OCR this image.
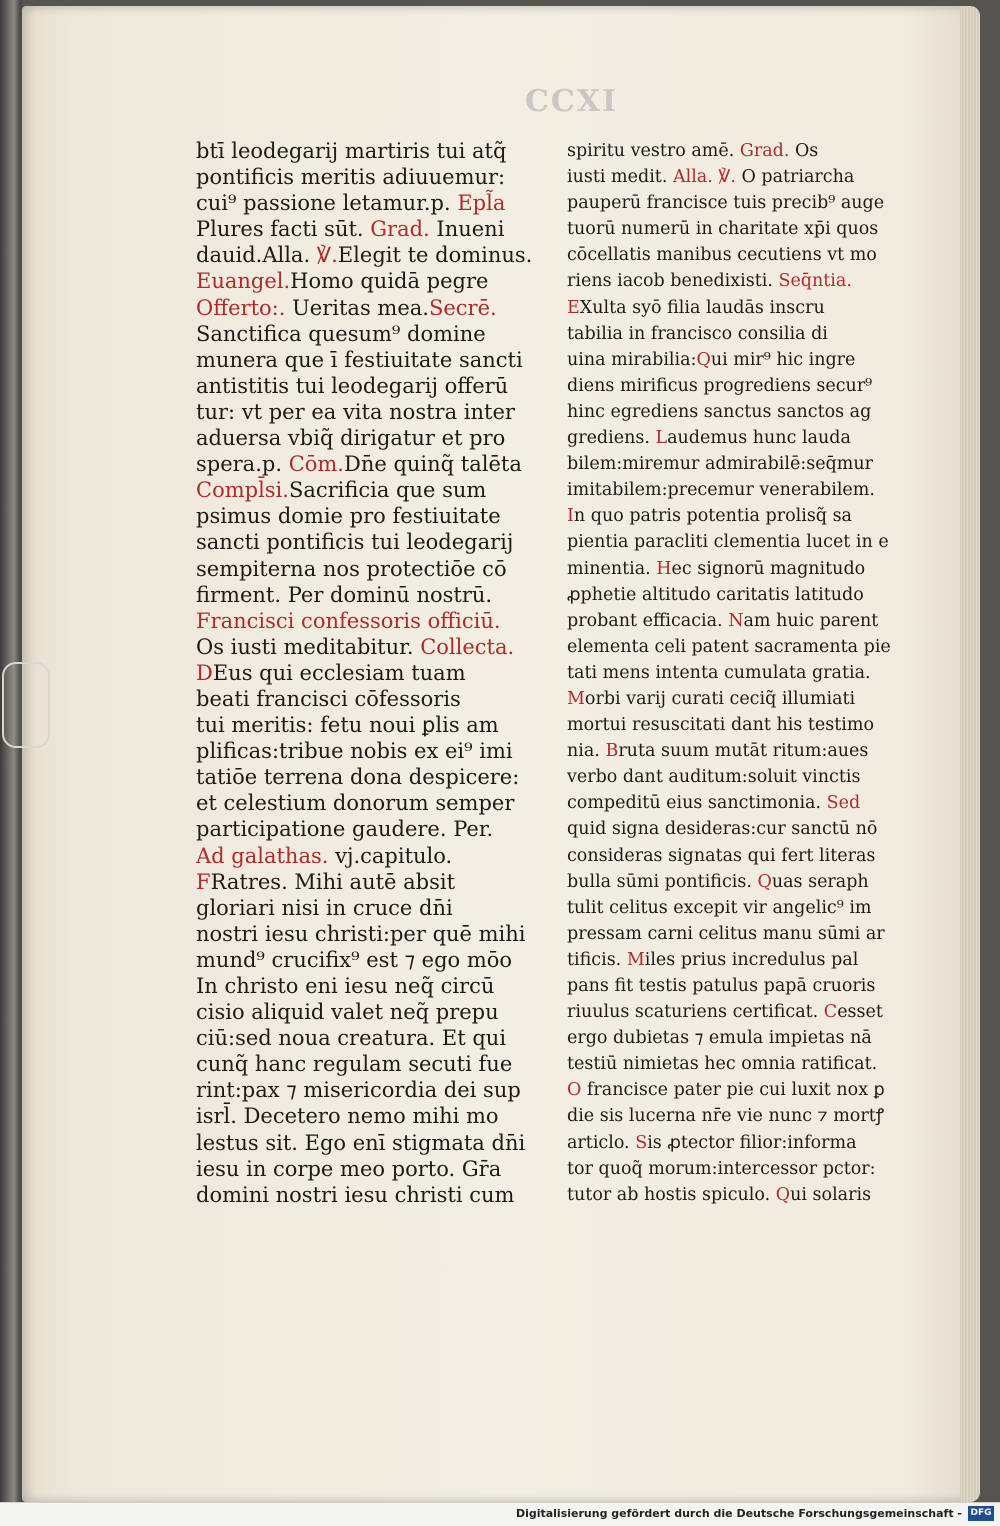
CCXI
btī leodegarij martiris tui atq̃
pontificis meritis adiuuemur:
cui⁹ passione letamur.p. Epl̃a
Plures facti sūt. Grad. Inueni
dauid.Alla. ℣.Elegit te dominus.
Euangel.Homo quidā pegre
Offerto:. Ueritas mea.Secrē.
Sanctifica quesum⁹ domine
munera que ī festiuitate sancti
antistitis tui leodegarij offerū
tur: vt per ea vita nostra inter
aduersa vbiq̃ dirigatur et pro
spera.p. Cōm.Dn̄e quinq̃ talēta
Compl̄si.Sacrificia que sum
psimus domie pro festiuitate
sancti pontificis tui leodegarij
sempiterna nos protectiōe cō
firment. Per dominū nostrū.
Francisci confessoris officiū.
Os iusti meditabitur. Collecta.
DEus qui ecclesiam tuam
beati francisci cōfessoris
tui meritis: fetu noui ꝑlis am
plificas:tribue nobis ex ei⁹ imi
tatiōe terrena dona despicere:
et celestium donorum semper
participatione gaudere. Per.
Ad galathas. vj.capitulo.
FRatres. Mihi autē absit
gloriari nisi in cruce dn̄i
nostri iesu christi:per quē mihi
mund⁹ crucifix⁹ est ⁊ ego mōo
In christo eni iesu neq̃ circū
cisio aliquid valet neq̃ prepu
ciū:sed noua creatura. Et qui
cunq̃ hanc regulam secuti fue
rint:pax ⁊ misericordia dei sup
isrl̄. Decetero nemo mihi mo
lestus sit. Ego enī stigmata dn̄i
iesu in corpe meo porto. Gr̄a
domini nostri iesu christi cum
spiritu vestro amē. Grad. Os
iusti medit. Alla. ℣. O patriarcha
pauperū francisce tuis precib⁹ auge
tuorū numerū in charitate xp̄i quos
cōcellatis manibus cecutiens vt mo
riens iacob benedixisti. Seq̄ntia.
EXulta syō filia laudās inscru
tabilia in francisco consilia di
uina mirabilia:Qui mir⁹ hic ingre
diens mirificus progrediens secur⁹
hinc egrediens sanctus sanctos ag
grediens. Laudemus hunc lauda
bilem:miremur admirabilē:seq̄mur
imitabilem:precemur venerabilem.
In quo patris potentia prolisq̃ sa
pientia paracliti clementia lucet in e
minentia. Hec signorū magnitudo
ꝓphetie altitudo caritatis latitudo
probant efficacia. Nam huic parent
elementa celi patent sacramenta pie
tati mens intenta cumulata gratia.
Morbi varij curati ceciq̃ illumiati
mortui resuscitati dant his testimo
nia. Bruta suum mutāt ritum:aues
verbo dant auditum:soluit vinctis
compeditū eius sanctimonia. Sed
quid signa desideras:cur sanctū nō
consideras signatas qui fert literas
bulla sūmi pontificis. Quas seraph
tulit celitus excepit vir angelic⁹ im
pressam carni celitus manu sūmi ar
tificis. Miles prius incredulus pal
pans fit testis patulus papā cruoris
riuulus scaturiens certificat. Cesset
ergo dubietas ⁊ emula impietas nā
testiū nimietas hec omnia ratificat.
O francisce pater pie cui luxit nox ꝑ
die sis lucerna nr̄e vie nunc ⁊ mortꝭ
articlo. Sis ꝓtector filior:informa
tor quoq̃ morum:intercessor pctor:
tutor ab hostis spiculo. Qui solaris
Digitalisierung gefördert durch die Deutsche Forschungsgemeinschaft - DFG
